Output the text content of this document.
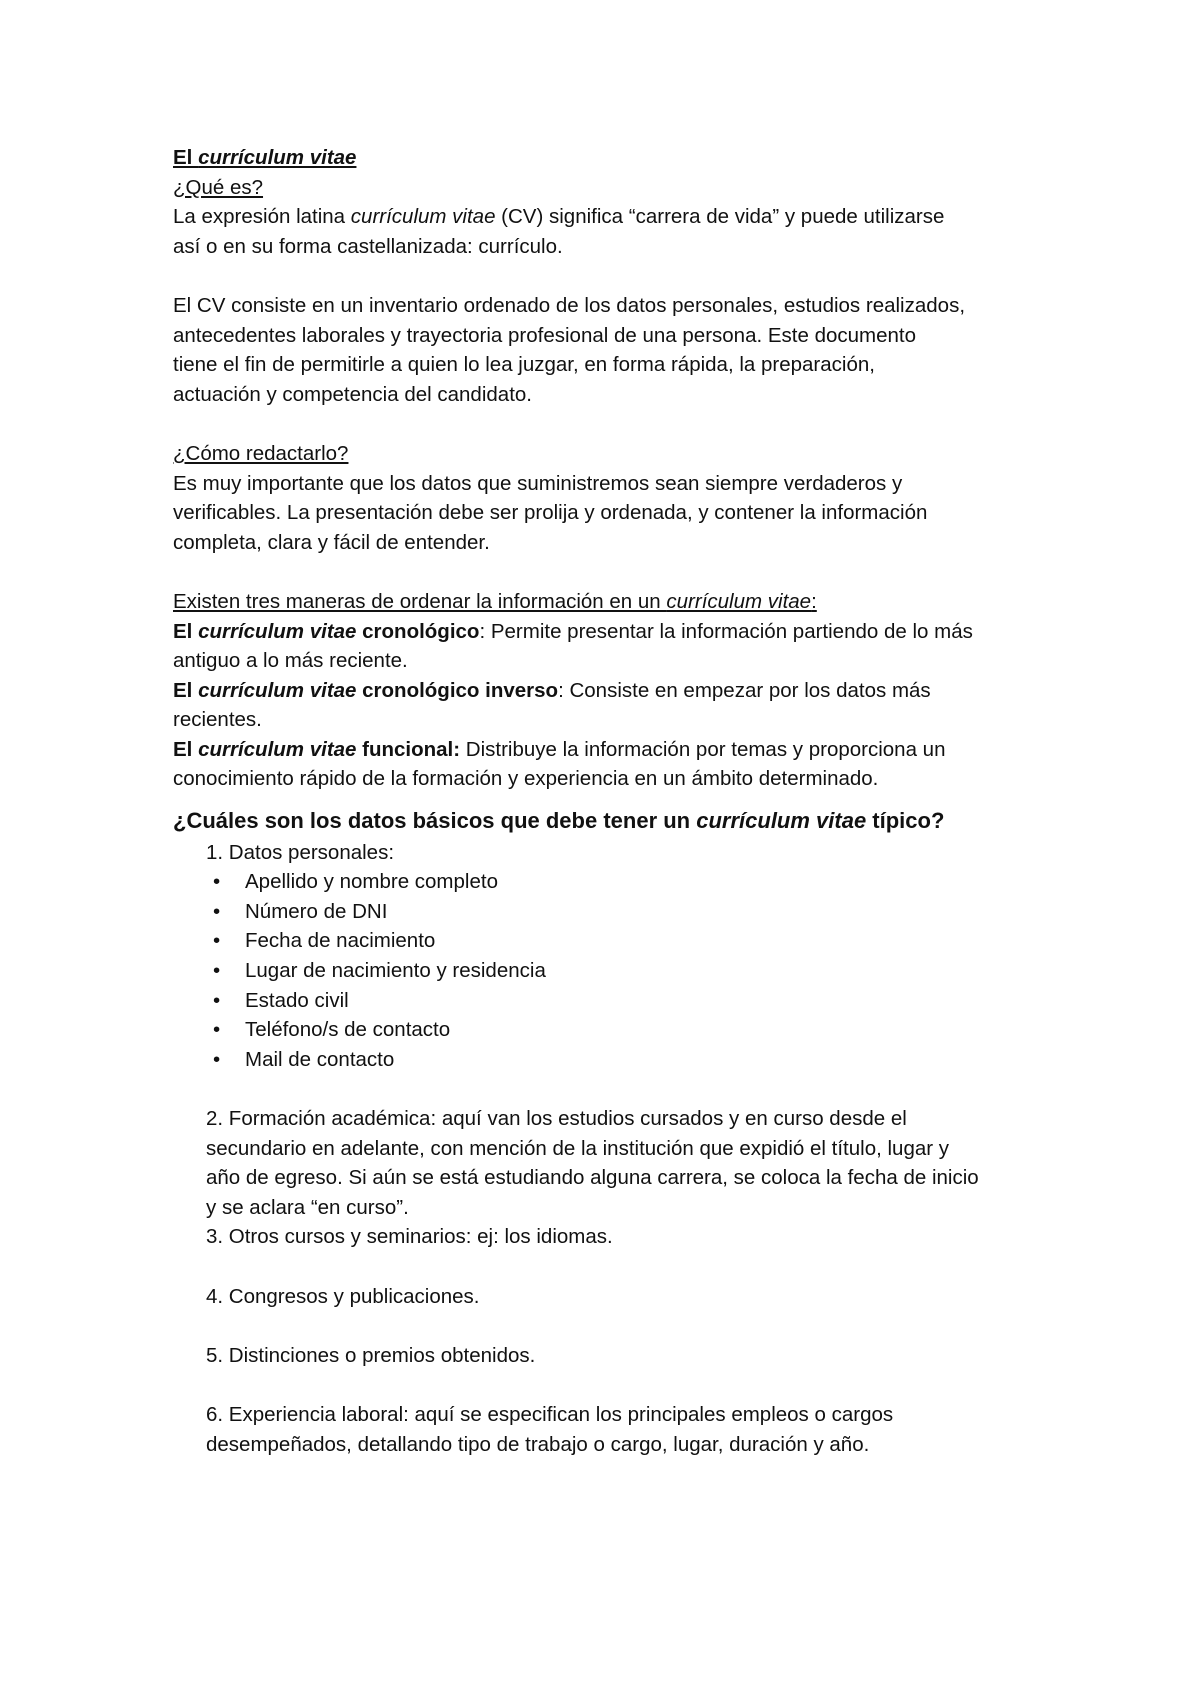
El currículum vitae
¿Qué es?
La expresión latina currículum vitae (CV) significa “carrera de vida” y puede utilizarse
así o en su forma castellanizada: currículo.
El CV consiste en un inventario ordenado de los datos personales, estudios realizados,
antecedentes laborales y trayectoria profesional de una persona. Este documento
tiene el fin de permitirle a quien lo lea juzgar, en forma rápida, la preparación,
actuación y competencia del candidato.
¿Cómo redactarlo?
Es muy importante que los datos que suministremos sean siempre verdaderos y
verificables. La presentación debe ser prolija y ordenada, y contener la información
completa, clara y fácil de entender.
Existen tres maneras de ordenar la información en un currículum vitae:
El currículum vitae cronológico: Permite presentar la información partiendo de lo más
antiguo a lo más reciente.
El currículum vitae cronológico inverso: Consiste en empezar por los datos más
recientes.
El currículum vitae funcional: Distribuye la información por temas y proporciona un
conocimiento rápido de la formación y experiencia en un ámbito determinado.
¿Cuáles son los datos básicos que debe tener un currículum vitae típico?
1. Datos personales:
•	Apellido y nombre completo
•	Número de DNI
•	Fecha de nacimiento
•	Lugar de nacimiento y residencia
•	Estado civil
•	Teléfono/s de contacto
•	Mail de contacto
2. Formación académica: aquí van los estudios cursados y en curso desde el
secundario en adelante, con mención de la institución que expidió el título, lugar y
año de egreso. Si aún se está estudiando alguna carrera, se coloca la fecha de inicio
y se aclara “en curso”.
3. Otros cursos y seminarios: ej: los idiomas.
4. Congresos y publicaciones.
5. Distinciones o premios obtenidos.
6. Experiencia laboral: aquí se especifican los principales empleos o cargos
desempeñados, detallando tipo de trabajo o cargo, lugar, duración y año.
